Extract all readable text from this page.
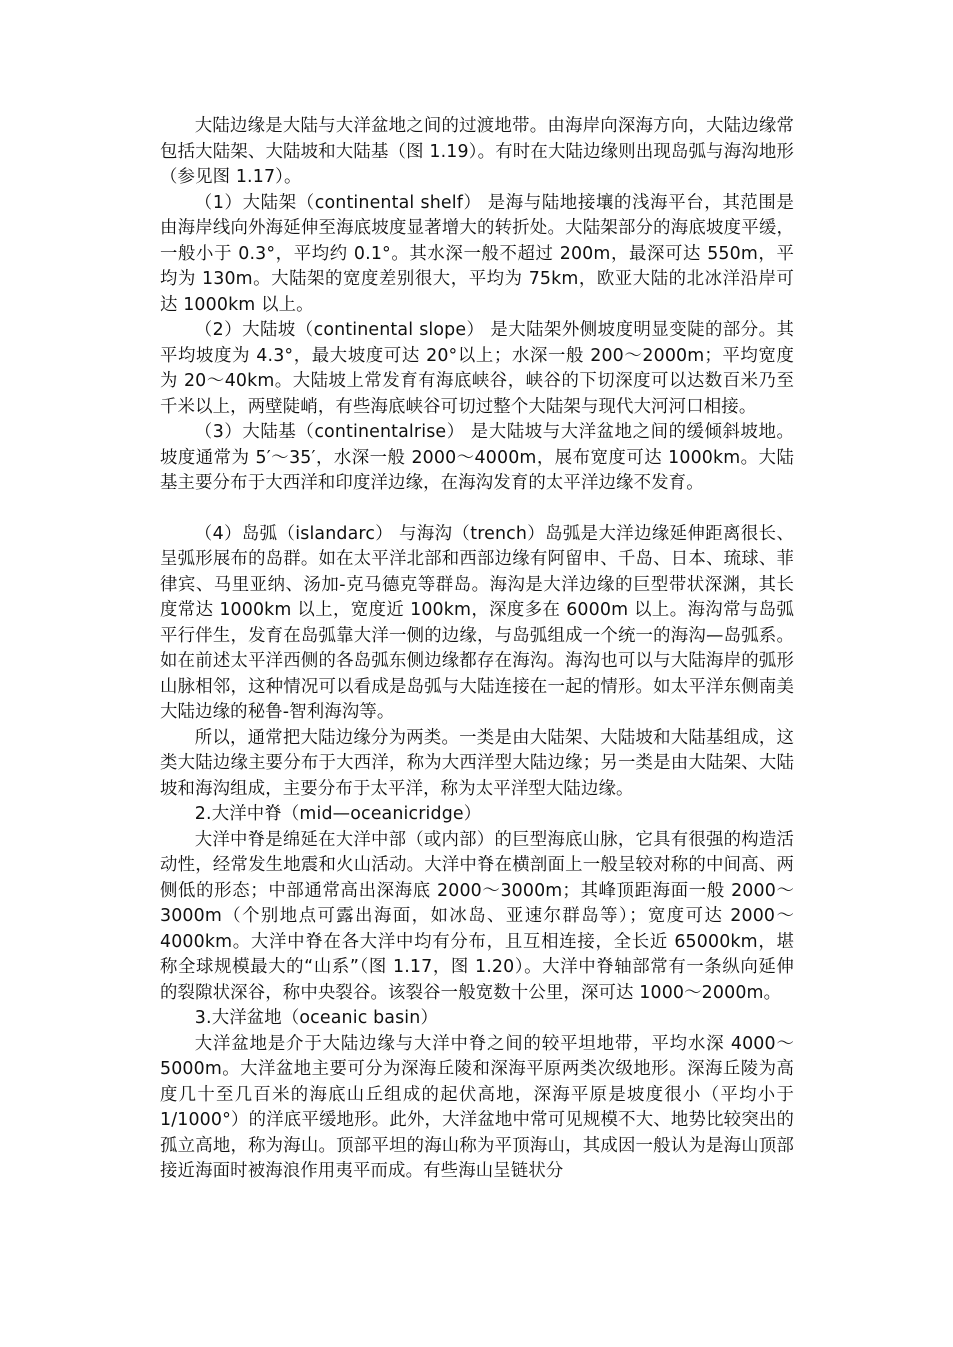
大陆边缘是大陆与大洋盆地之间的过渡地带。由海岸向深海方向，大陆边缘常包括大陆架、大陆坡和大陆基（图 1.19）。有时在大陆边缘则出现岛弧与海沟地形（参见图 1.17）。

（1）大陆架（continental shelf） 是海与陆地接壤的浅海平台，其范围是由海岸线向外海延伸至海底坡度显著增大的转折处。大陆架部分的海底坡度平缓，一般小于 0.3°，平均约 0.1°。其水深一般不超过 200m，最深可达 550m，平均为 130m。大陆架的宽度差别很大，平均为 75km，欧亚大陆的北冰洋沿岸可达 1000km 以上。

（2）大陆坡（continental slope） 是大陆架外侧坡度明显变陡的部分。其平均坡度为 4.3°，最大坡度可达 20°以上；水深一般 200～2000m；平均宽度为 20～40km。大陆坡上常发育有海底峡谷，峡谷的下切深度可以达数百米乃至千米以上，两壁陡峭，有些海底峡谷可切过整个大陆架与现代大河河口相接。

（3）大陆基（continentalrise） 是大陆坡与大洋盆地之间的缓倾斜坡地。坡度通常为 5′～35′，水深一般 2000～4000m，展布宽度可达 1000km。大陆基主要分布于大西洋和印度洋边缘，在海沟发育的太平洋边缘不发育。

（4）岛弧（islandarc） 与海沟（trench）岛弧是大洋边缘延伸距离很长、呈弧形展布的岛群。如在太平洋北部和西部边缘有阿留申、千岛、日本、琉球、菲律宾、马里亚纳、汤加-克马德克等群岛。海沟是大洋边缘的巨型带状深渊，其长度常达 1000km 以上，宽度近 100km，深度多在 6000m 以上。海沟常与岛弧平行伴生，发育在岛弧靠大洋一侧的边缘，与岛弧组成一个统一的海沟—岛弧系。如在前述太平洋西侧的各岛弧东侧边缘都存在海沟。海沟也可以与大陆海岸的弧形山脉相邻，这种情况可以看成是岛弧与大陆连接在一起的情形。如太平洋东侧南美大陆边缘的秘鲁-智利海沟等。

所以，通常把大陆边缘分为两类。一类是由大陆架、大陆坡和大陆基组成，这类大陆边缘主要分布于大西洋，称为大西洋型大陆边缘；另一类是由大陆架、大陆坡和海沟组成，主要分布于太平洋，称为太平洋型大陆边缘。

2.大洋中脊（mid—oceanicridge）

大洋中脊是绵延在大洋中部（或内部）的巨型海底山脉，它具有很强的构造活动性，经常发生地震和火山活动。大洋中脊在横剖面上一般呈较对称的中间高、两侧低的形态；中部通常高出深海底 2000～3000m；其峰顶距海面一般 2000～3000m（个别地点可露出海面，如冰岛、亚速尔群岛等）；宽度可达 2000～4000km。大洋中脊在各大洋中均有分布，且互相连接，全长近 65000km，堪称全球规模最大的“山系”（图 1.17，图 1.20）。大洋中脊轴部常有一条纵向延伸的裂隙状深谷，称中央裂谷。该裂谷一般宽数十公里，深可达 1000～2000m。

3.大洋盆地（oceanic basin）

大洋盆地是介于大陆边缘与大洋中脊之间的较平坦地带，平均水深 4000～5000m。大洋盆地主要可分为深海丘陵和深海平原两类次级地形。深海丘陵为高度几十至几百米的海底山丘组成的起伏高地，深海平原是坡度很小（平均小于 1/1000°）的洋底平缓地形。此外，大洋盆地中常可见规模不大、地势比较突出的孤立高地，称为海山。顶部平坦的海山称为平顶海山，其成因一般认为是海山顶部接近海面时被海浪作用夷平而成。有些海山呈链状分
